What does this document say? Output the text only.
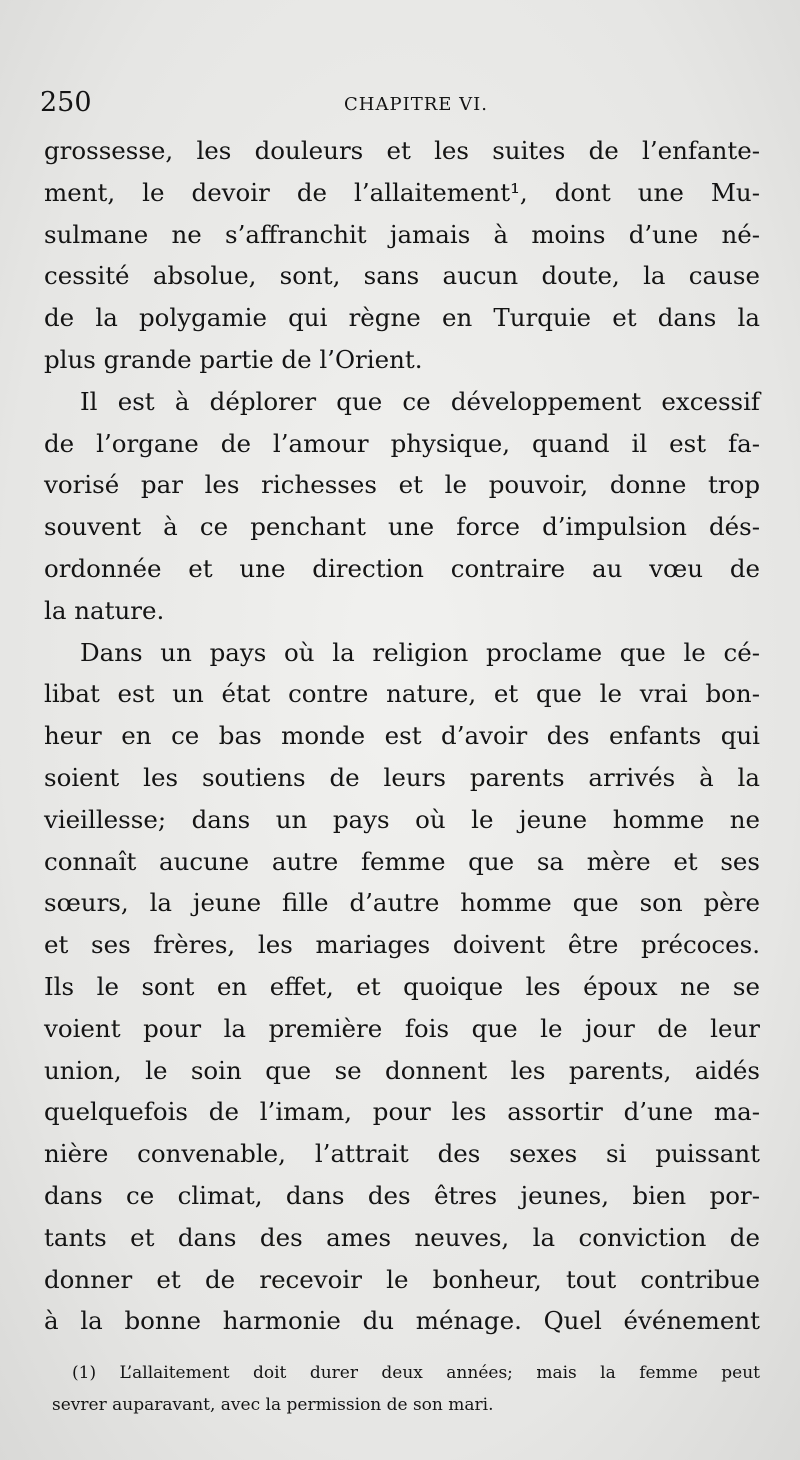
250	CHAPITRE VI.
grossesse, les douleurs et les suites de l’enfante-
ment, le devoir de l’allaitement¹, dont une Mu-
sulmane ne s’affranchit jamais à moins d’une né-
cessité absolue, sont, sans aucun doute, la cause
de la polygamie qui règne en Turquie et dans la
plus grande partie de l’Orient.
Il est à déplorer que ce développement excessif
de l’organe de l’amour physique, quand il est fa-
vorisé par les richesses et le pouvoir, donne trop
souvent à ce penchant une force d’impulsion dés-
ordonnée et une direction contraire au vœu de
la nature.
Dans un pays où la religion proclame que le cé-
libat est un état contre nature, et que le vrai bon-
heur en ce bas monde est d’avoir des enfants qui
soient les soutiens de leurs parents arrivés à la
vieillesse; dans un pays où le jeune homme ne
connaît aucune autre femme que sa mère et ses
sœurs, la jeune fille d’autre homme que son père
et ses frères, les mariages doivent être précoces.
Ils le sont en effet, et quoique les époux ne se
voient pour la première fois que le jour de leur
union, le soin que se donnent les parents, aidés
quelquefois de l’imam, pour les assortir d’une ma-
nière convenable, l’attrait des sexes si puissant
dans ce climat, dans des êtres jeunes, bien por-
tants et dans des ames neuves, la conviction de
donner et de recevoir le bonheur, tout contribue
à la bonne harmonie du ménage. Quel événement
(1) L’allaitement doit durer deux années; mais la femme peut
sevrer auparavant, avec la permission de son mari.
